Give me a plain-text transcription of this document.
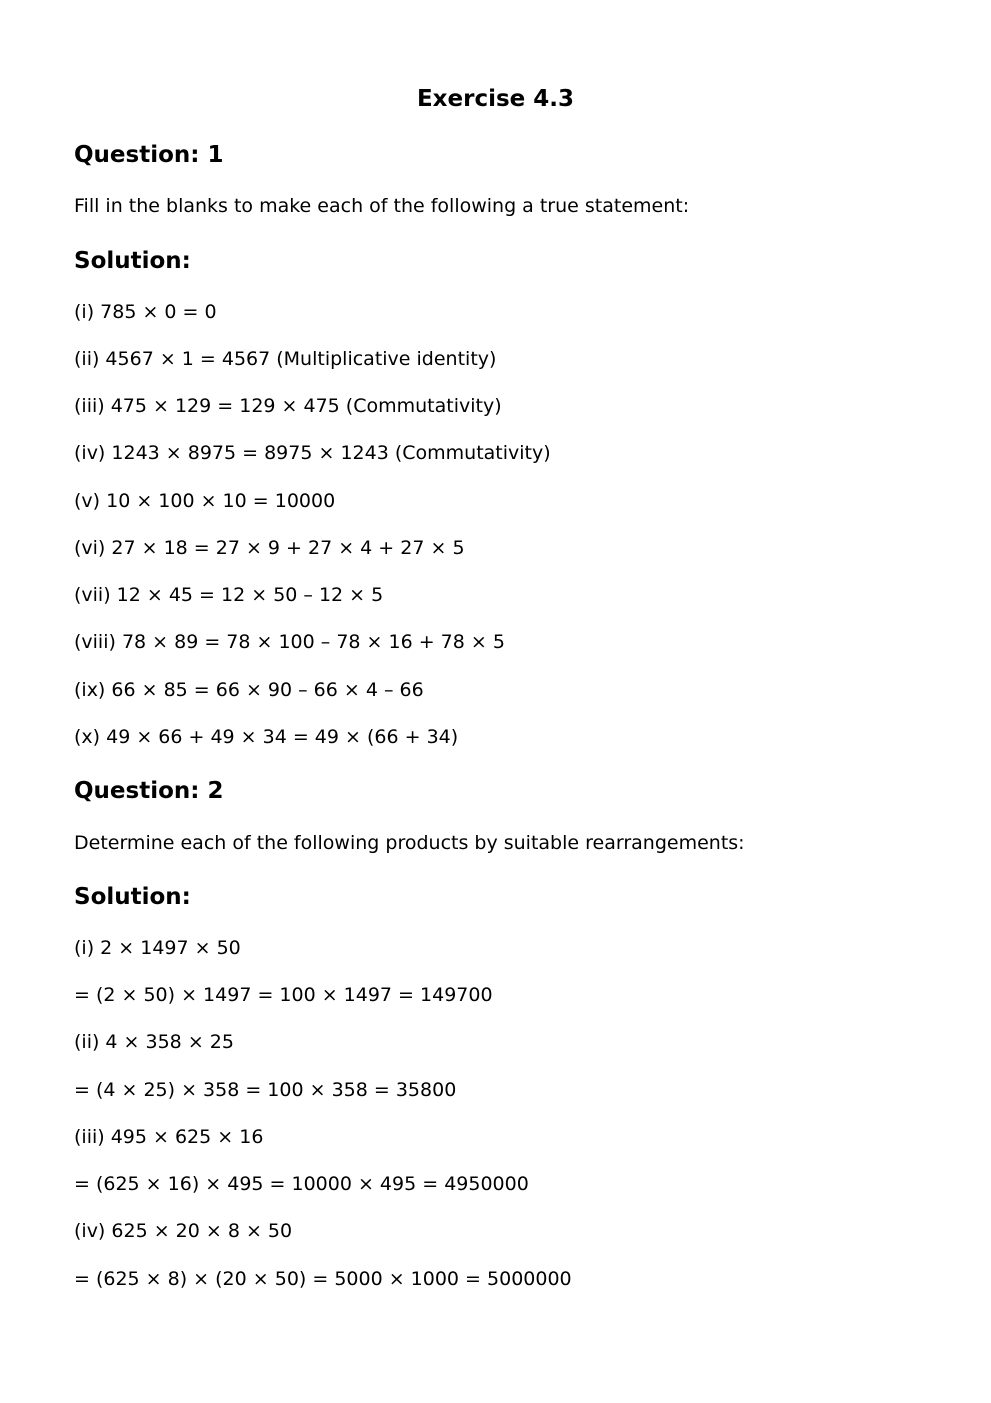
Exercise 4.3
Question: 1

Fill in the blanks to make each of the following a true statement:

Solution:

(i) 785 × 0 = 0

(ii) 4567 × 1 = 4567 (Multiplicative identity)

(iii) 475 × 129 = 129 × 475 (Commutativity)

(iv) 1243 × 8975 = 8975 × 1243 (Commutativity)

(v) 10 × 100 × 10 = 10000

(vi) 27 × 18 = 27 × 9 + 27 × 4 + 27 × 5

(vii) 12 × 45 = 12 × 50 – 12 × 5

(viii) 78 × 89 = 78 × 100 – 78 × 16 + 78 × 5

(ix) 66 × 85 = 66 × 90 – 66 × 4 – 66

(x) 49 × 66 + 49 × 34 = 49 × (66 + 34)

Question: 2

Determine each of the following products by suitable rearrangements:

Solution:

(i) 2 × 1497 × 50

= (2 × 50) × 1497 = 100 × 1497 = 149700

(ii) 4 × 358 × 25

= (4 × 25) × 358 = 100 × 358 = 35800

(iii) 495 × 625 × 16

= (625 × 16) × 495 = 10000 × 495 = 4950000

(iv) 625 × 20 × 8 × 50

= (625 × 8) × (20 × 50) = 5000 × 1000 = 5000000
